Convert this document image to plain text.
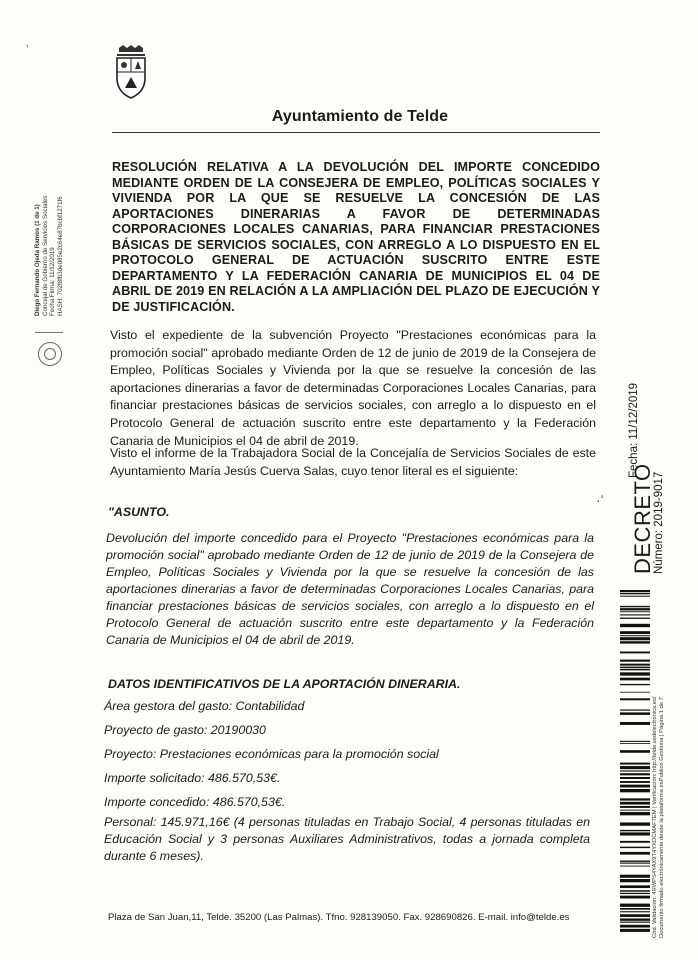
Ayuntamiento de Telde
RESOLUCIÓN RELATIVA A LA DEVOLUCIÓN DEL IMPORTE CONCEDIDO MEDIANTE ORDEN DE LA CONSEJERA DE EMPLEO, POLÍTICAS SOCIALES Y VIVIENDA POR LA QUE SE RESUELVE LA CONCESIÓN DE LAS APORTACIONES DINERARIAS A FAVOR DE DETERMINADAS CORPORACIONES LOCALES CANARIAS, PARA FINANCIAR PRESTACIONES BÁSICAS DE SERVICIOS SOCIALES, CON ARREGLO A LO DISPUESTO EN EL PROTOCOLO GENERAL DE ACTUACIÓN SUSCRITO ENTRE ESTE DEPARTAMENTO Y LA FEDERACIÓN CANARIA DE MUNICIPIOS EL 04 DE ABRIL DE 2019 EN RELACIÓN A LA AMPLIACIÓN DEL PLAZO DE EJECUCIÓN Y DE JUSTIFICACIÓN.
Visto el expediente de la subvención Proyecto "Prestaciones económicas para la promoción social" aprobado mediante Orden de 12 de junio de 2019 de la Consejera de Empleo, Políticas Sociales y Vivienda por la que se resuelve la concesión de las aportaciones dinerarias a favor de determinadas Corporaciones Locales Canarias, para financiar prestaciones básicas de servicios sociales, con arreglo a lo dispuesto en el Protocolo General de actuación suscrito entre este departamento y la Federación Canaria de Municipios el 04 de abril de 2019.
Visto el informe de la Trabajadora Social de la Concejalía de Servicios Sociales de este Ayuntamiento María Jesús Cuerva Salas, cuyo tenor literal es el siguiente:
"ASUNTO.
Devolución del importe concedido para el Proyecto "Prestaciones económicas para la promoción social" aprobado mediante Orden de 12 de junio de 2019 de la Consejera de Empleo, Políticas Sociales y Vivienda por la que se resuelve la concesión de las aportaciones dinerarias a favor de determinadas Corporaciones Locales Canarias, para financiar prestaciones básicas de servicios sociales, con arreglo a lo dispuesto en el Protocolo General de actuación suscrito entre este departamento y la Federación Canaria de Municipios el 04 de abril de 2019.
DATOS IDENTIFICATIVOS DE LA APORTACIÓN DINERARIA.
Área gestora del gasto: Contabilidad
Proyecto de gasto: 20190030
Proyecto: Prestaciones económicas para la promoción social
Importe solicitado: 486.570,53€.
Importe concedido: 486.570,53€.
Personal: 145.971,16€ (4 personas tituladas en Trabajo Social, 4 personas tituladas en Educación Social y 3 personas Auxiliares Administrativos, todas a jornada completa durante 6 meses).
Plaza de San Juan,11, Telde. 35200 (Las Palmas). Tfno. 928139050. Fax. 928690826. E-mail. info@telde.es
Diego Fernando Ojeda Ramos (1 de 1) Concejal de Gobierno de Servicios Sociales Fecha Firma: 11/12/2019 HASH: 702f8fb3de085e2c64e87bcbf1271f6
DECRETO
Número: 2019-9017
Fecha: 11/12/2019
Cód. Validación: 4RWPS4YAX9T4YXDCMAF7EM | Verificación: http://telde.sedelectronica.es/ Documento firmado electrónicamente desde la plataforma esPublico Gestiona | Página 1 de 7
ʼ
·ʻ
